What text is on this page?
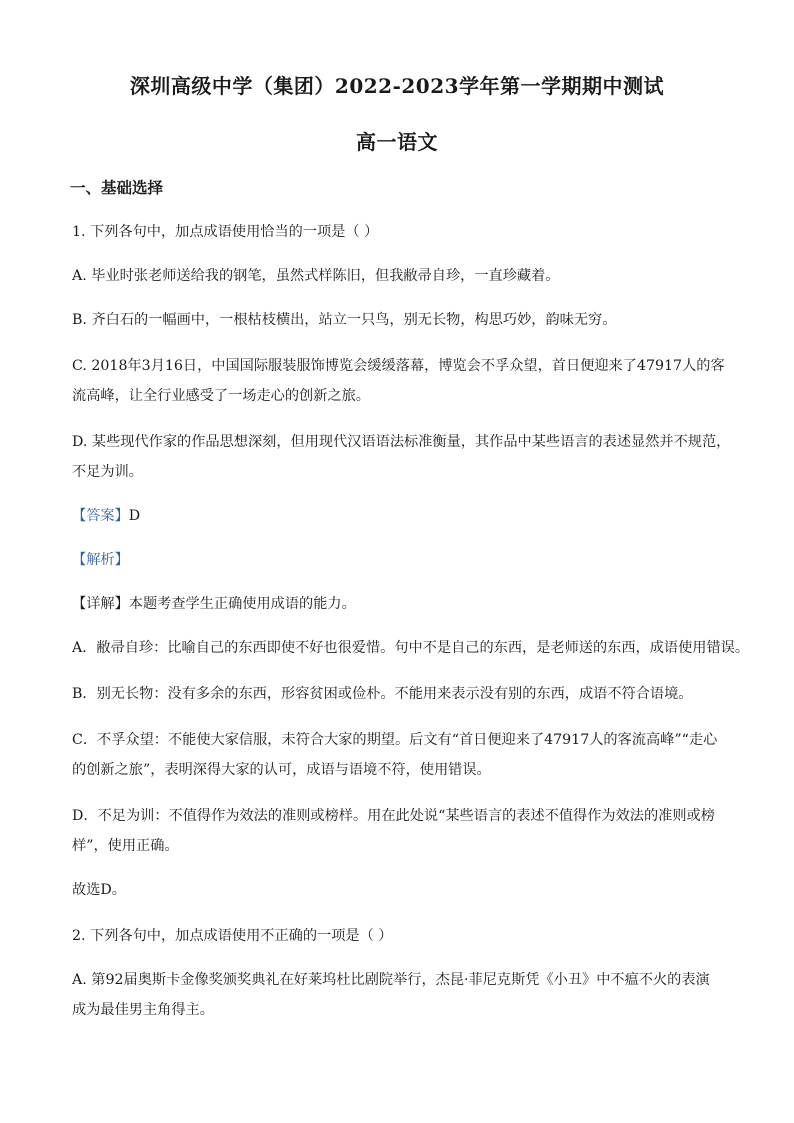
深圳高级中学（集团）2022-2023学年第一学期期中测试
高一语文
一、基础选择
1. 下列各句中，加点成语使用恰当的一项是（ ）
A. 毕业时张老师送给我的钢笔，虽然式样陈旧，但我敝帚自珍，一直珍藏着。
B. 齐白石的一幅画中，一根枯枝横出，站立一只鸟，别无长物，构思巧妙，韵味无穷。
C. 2018年3月16日，中国国际服装服饰博览会缓缓落幕，博览会不孚众望，首日便迎来了47917人的客
流高峰，让全行业感受了一场走心的创新之旅。
D. 某些现代作家的作品思想深刻，但用现代汉语语法标准衡量，其作品中某些语言的表述显然并不规范，
不足为训。
【答案】D
【解析】
【详解】本题考查学生正确使用成语的能力。
A．敝帚自珍：比喻自己的东西即使不好也很爱惜。句中不是自己的东西，是老师送的东西，成语使用错误。
B．别无长物：没有多余的东西，形容贫困或俭朴。不能用来表示没有别的东西，成语不符合语境。
C．不孚众望：不能使大家信服，未符合大家的期望。后文有“首日便迎来了47917人的客流高峰”“走心
的创新之旅”，表明深得大家的认可，成语与语境不符，使用错误。
D．不足为训：不值得作为效法的准则或榜样。用在此处说“某些语言的表述不值得作为效法的准则或榜
样”，使用正确。
故选D。
2. 下列各句中，加点成语使用不正确的一项是（ ）
A. 第92届奥斯卡金像奖颁奖典礼在好莱坞杜比剧院举行，杰昆·菲尼克斯凭《小丑》中不瘟不火的表演
成为最佳男主角得主。
